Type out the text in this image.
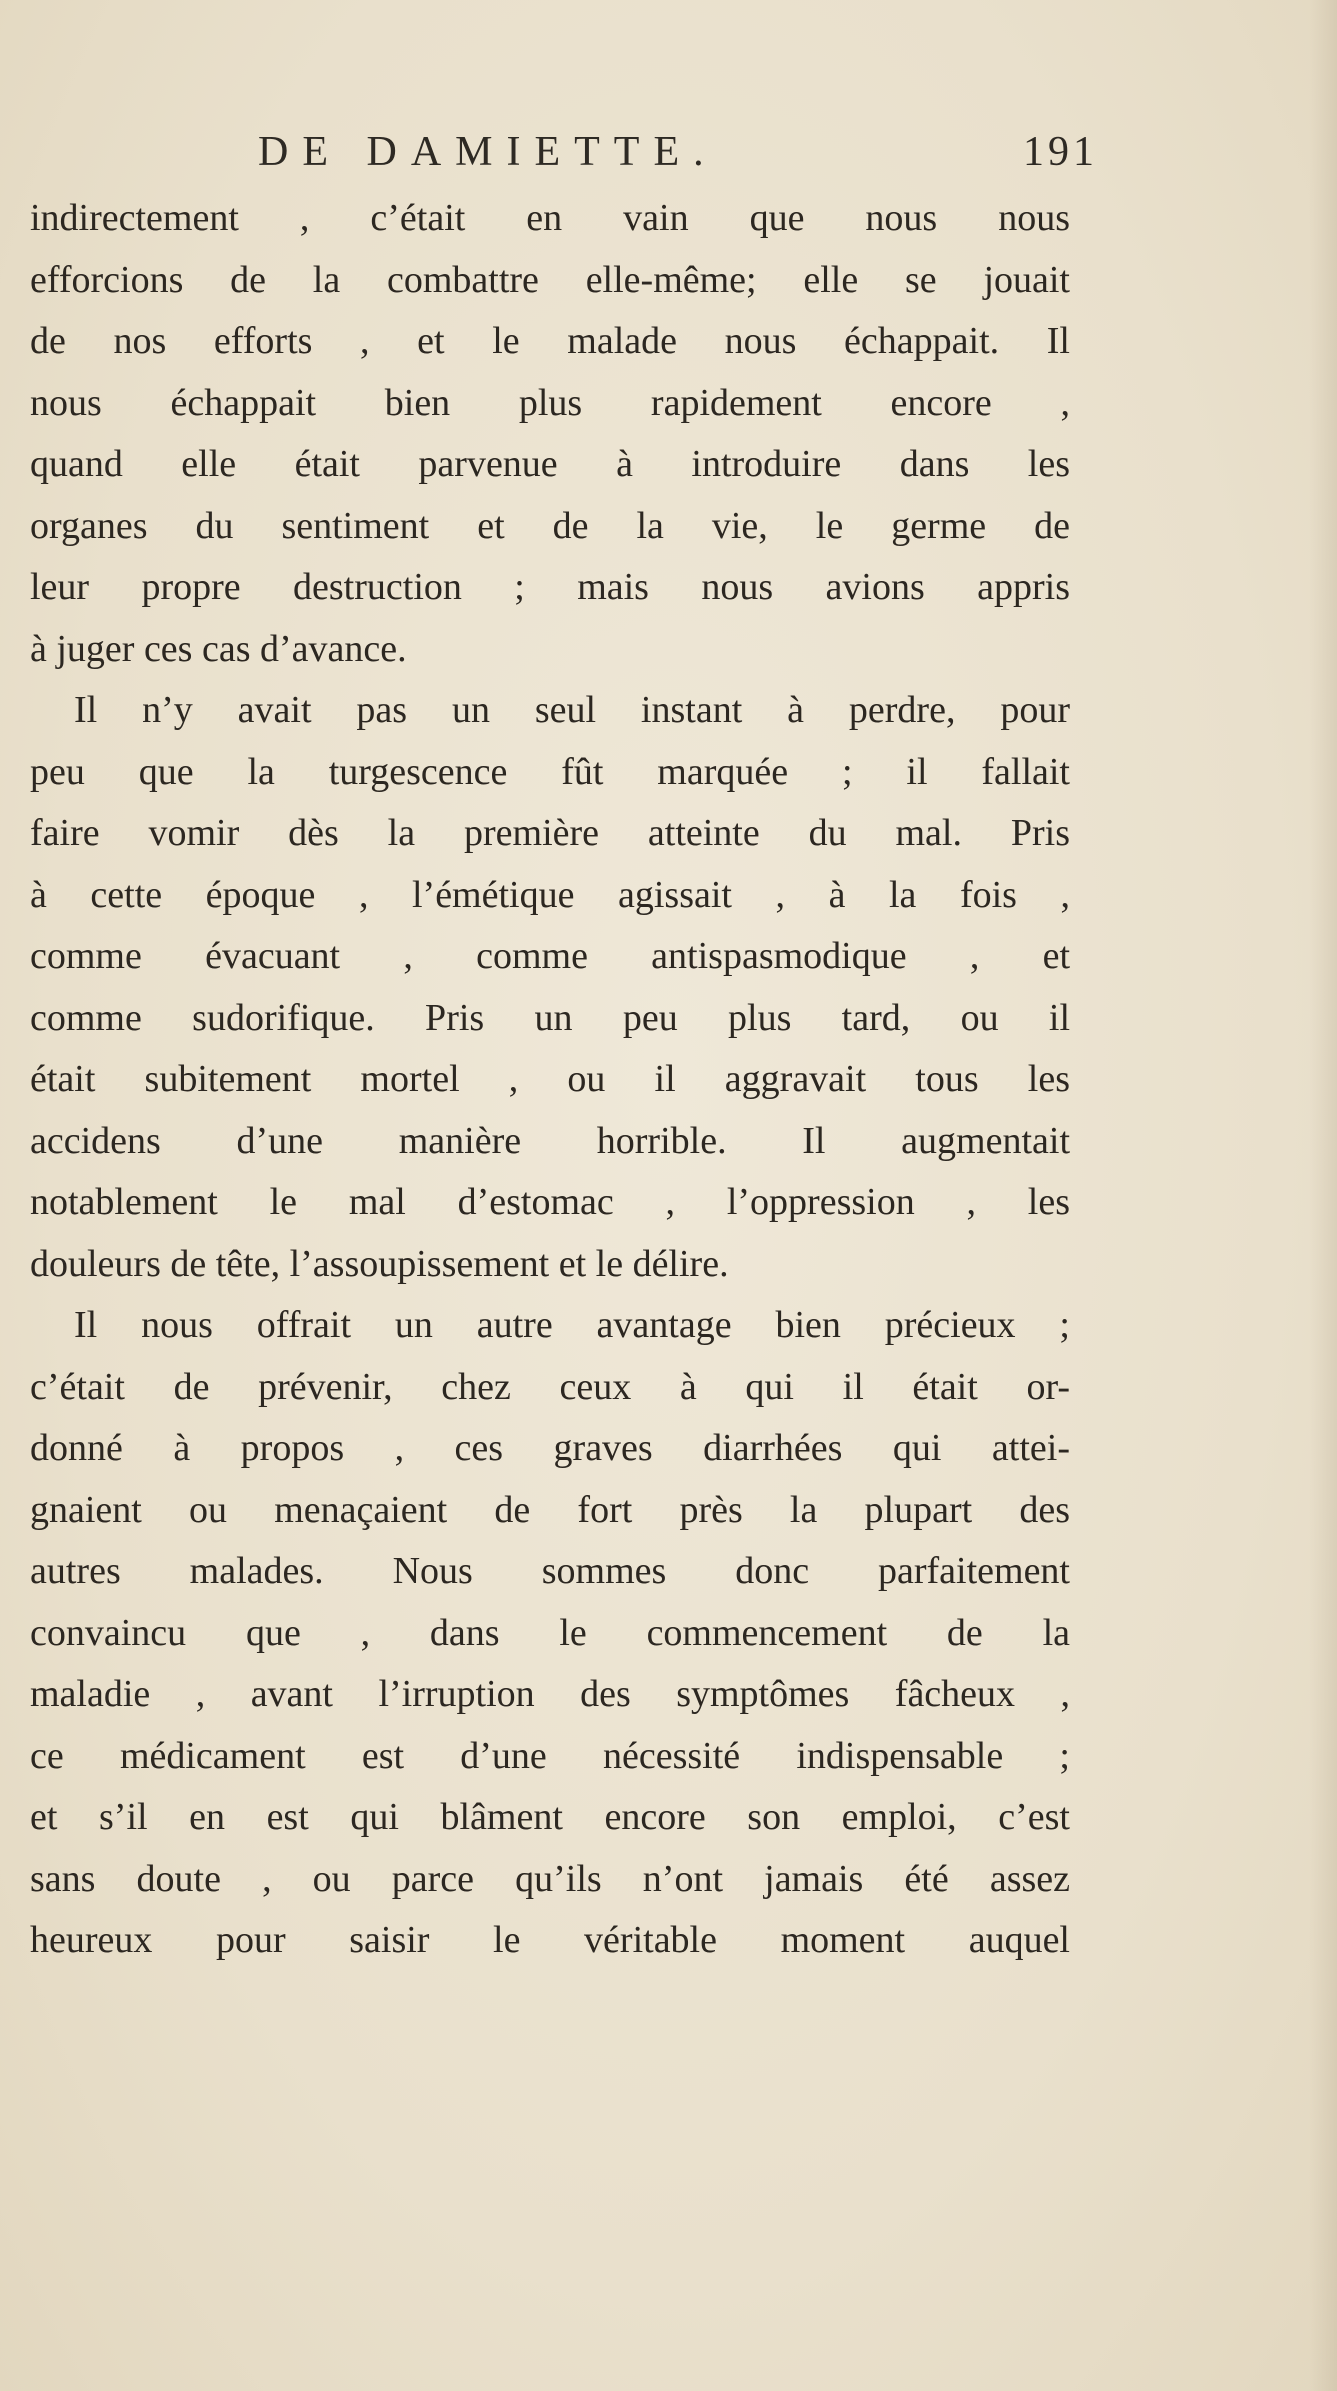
DE DAMIETTE.	191
indirectement , c’était en vain que nous nous
efforcions de la combattre elle-même; elle se jouait
de nos efforts , et le malade nous échappait. Il
nous échappait bien plus rapidement encore ,
quand elle était parvenue à introduire dans les
organes du sentiment et de la vie, le germe de
leur propre destruction ; mais nous avions appris
à juger ces cas d’avance.
Il n’y avait pas un seul instant à perdre, pour
peu que la turgescence fût marquée ; il fallait
faire vomir dès la première atteinte du mal. Pris
à cette époque , l’émétique agissait , à la fois ,
comme évacuant , comme antispasmodique , et
comme sudorifique. Pris un peu plus tard, ou il
était subitement mortel , ou il aggravait tous les
accidens d’une manière horrible. Il augmentait
notablement le mal d’estomac , l’oppression , les
douleurs de tête, l’assoupissement et le délire.
Il nous offrait un autre avantage bien précieux ;
c’était de prévenir, chez ceux à qui il était or-
donné à propos , ces graves diarrhées qui attei-
gnaient ou menaçaient de fort près la plupart des
autres malades. Nous sommes donc parfaitement
convaincu que , dans le commencement de la
maladie , avant l’irruption des symptômes fâcheux ,
ce médicament est d’une nécessité indispensable ;
et s’il en est qui blâment encore son emploi, c’est
sans doute , ou parce qu’ils n’ont jamais été assez
heureux pour saisir le véritable moment auquel
